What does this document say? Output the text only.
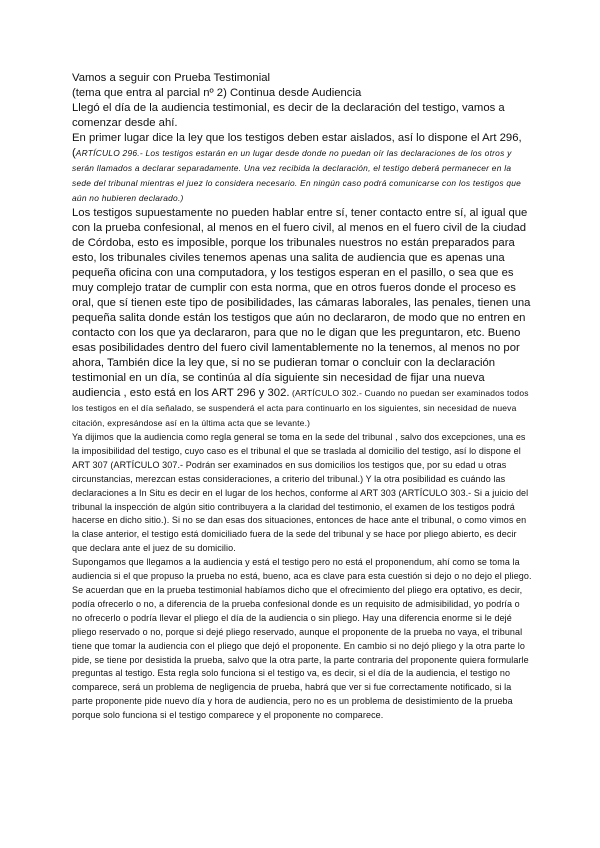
Vamos a seguir con Prueba Testimonial

(tema que entra al parcial nº 2) Continua desde Audiencia

Llegó el día de la audiencia testimonial, es decir de la declaración del testigo, vamos a comenzar desde ahí.

En primer lugar dice la ley que los testigos deben estar aislados, así lo dispone el Art 296, (ARTÍCULO 296.- Los testigos estarán en un lugar desde donde no puedan oír las declaraciones de los otros y serán llamados a declarar separadamente. Una vez recibida la declaración, el testigo deberá permanecer en la sede del tribunal mientras el juez lo considera necesario. En ningún caso podrá comunicarse con los testigos que aún no hubieren declarado.)

Los testigos supuestamente no pueden hablar entre sí, tener contacto entre sí, al igual que con la prueba confesional, al menos en el fuero civil, al menos en el fuero civil de la ciudad de Córdoba, esto es imposible, porque los tribunales nuestros no están preparados para esto, los tribunales civiles tenemos apenas una salita de audiencia que es apenas una pequeña oficina con una computadora, y los testigos esperan en el pasillo, o sea que es muy complejo tratar de cumplir con esta norma, que en otros fueros donde el proceso es oral, que sí tienen este tipo de posibilidades, las cámaras laborales, las penales, tienen una pequeña salita donde están los testigos que aún no declararon, de modo que no entren en contacto con los que ya declararon, para que no le digan que les preguntaron, etc. Bueno esas posibilidades dentro del fuero civil lamentablemente no la tenemos, al menos no por ahora, También dice la ley que, si no se pudieran tomar o concluir con la declaración testimonial en un día, se continúa al día siguiente sin necesidad de fijar una nueva audiencia , esto está en los ART 296 y 302. (ARTÍCULO 302.- Cuando no puedan ser examinados todos los testigos en el día señalado, se suspenderá el acta para continuarlo en los siguientes, sin necesidad de nueva citación, expresándose así en la última acta que se levante.)

Ya dijimos que la audiencia como regla general se toma en la sede del tribunal , salvo dos excepciones, una es la imposibilidad del testigo, cuyo caso es el tribunal el que se traslada al domicilio del testigo, así lo dispone el ART 307 (ARTÍCULO 307.- Podrán ser examinados en sus domicilios los testigos que, por su edad u otras circunstancias, merezcan estas consideraciones, a criterio del tribunal.) Y la otra posibilidad es cuándo las declaraciones a In Situ es decir en el lugar de los hechos, conforme al ART 303 (ARTÍCULO 303.- Si a juicio del tribunal la inspección de algún sitio contribuyera a la claridad del testimonio, el examen de los testigos podrá hacerse en dicho sitio.). Si no se dan esas dos situaciones, entonces de hace ante el tribunal, o como vimos en la clase anterior, el testigo está domiciliado fuera de la sede del tribunal y se hace por pliego abierto, es decir que declara ante el juez de su domicilio.

Supongamos que llegamos a la audiencia y está el testigo pero no está el proponendum, ahí como se toma la audiencia si el que propuso la prueba no está, bueno, aca es clave para esta cuestión si dejo o no dejo el pliego. Se acuerdan que en la prueba testimonial habíamos dicho que el ofrecimiento del pliego era optativo, es decir, podía ofrecerlo o no, a diferencia de la prueba confesional donde es un requisito de admisibilidad, yo podría o no ofrecerlo o podría llevar el pliego el día de la audiencia o sin pliego. Hay una diferencia enorme si le dejé pliego reservado o no, porque si dejé pliego reservado, aunque el proponente de la prueba no vaya, el tribunal tiene que tomar la audiencia con el pliego que dejó el proponente. En cambio si no dejó pliego y la otra parte lo pide, se tiene por desistida la prueba, salvo que la otra parte, la parte contraria del proponente quiera formularle preguntas al testigo. Esta regla solo funciona si el testigo va, es decir, si el día de la audiencia, el testigo no comparece, será un problema de negligencia de prueba, habrá que ver si fue correctamente notificado, si la parte proponente pide nuevo día y hora de audiencia, pero no es un problema de desistimiento de la prueba porque solo funciona si el testigo comparece y el proponente no comparece.
